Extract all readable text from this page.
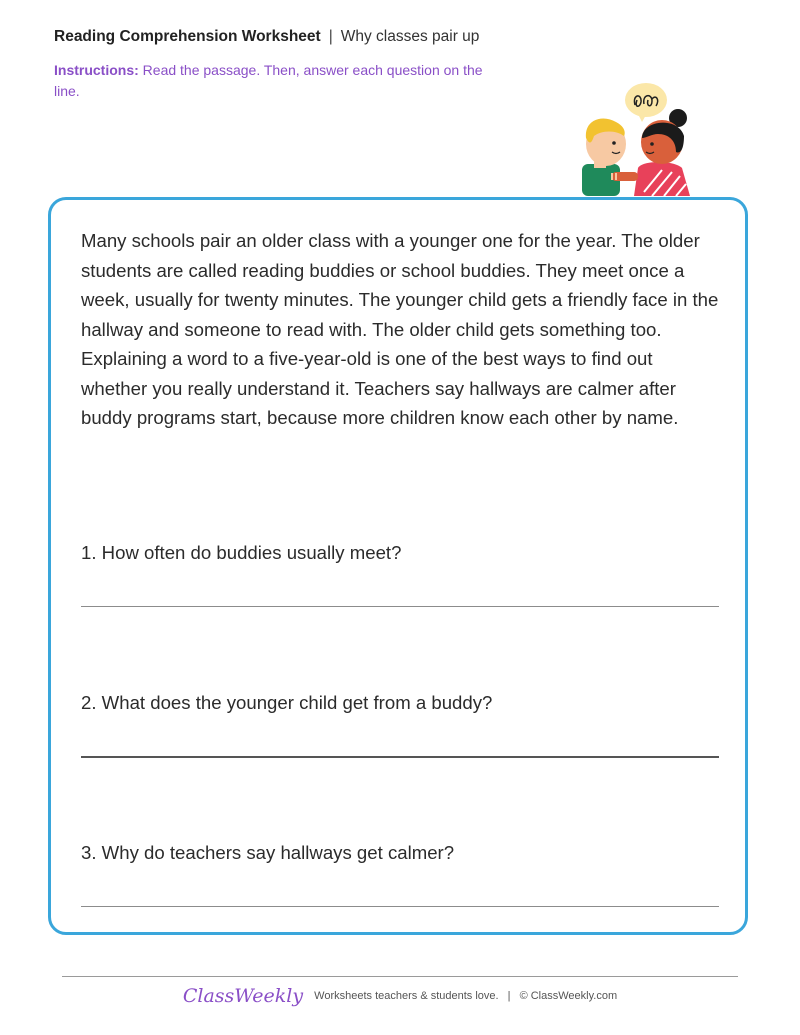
Reading Comprehension Worksheet | Why classes pair up
Instructions: Read the passage. Then, answer each question on the line.

Many schools pair an older class with a younger one for the year. The older students are called reading buddies or school buddies. They meet once a week, usually for twenty minutes. The younger child gets a friendly face in the hallway and someone to read with. The older child gets something too. Explaining a word to a five-year-old is one of the best ways to find out whether you really understand it. Teachers say hallways are calmer after buddy programs start, because more children know each other by name.

1. How often do buddies usually meet?
2. What does the younger child get from a buddy?
3. Why do teachers say hallways get calmer?
ClassWeekly Worksheets teachers & students love. | © ClassWeekly.com
